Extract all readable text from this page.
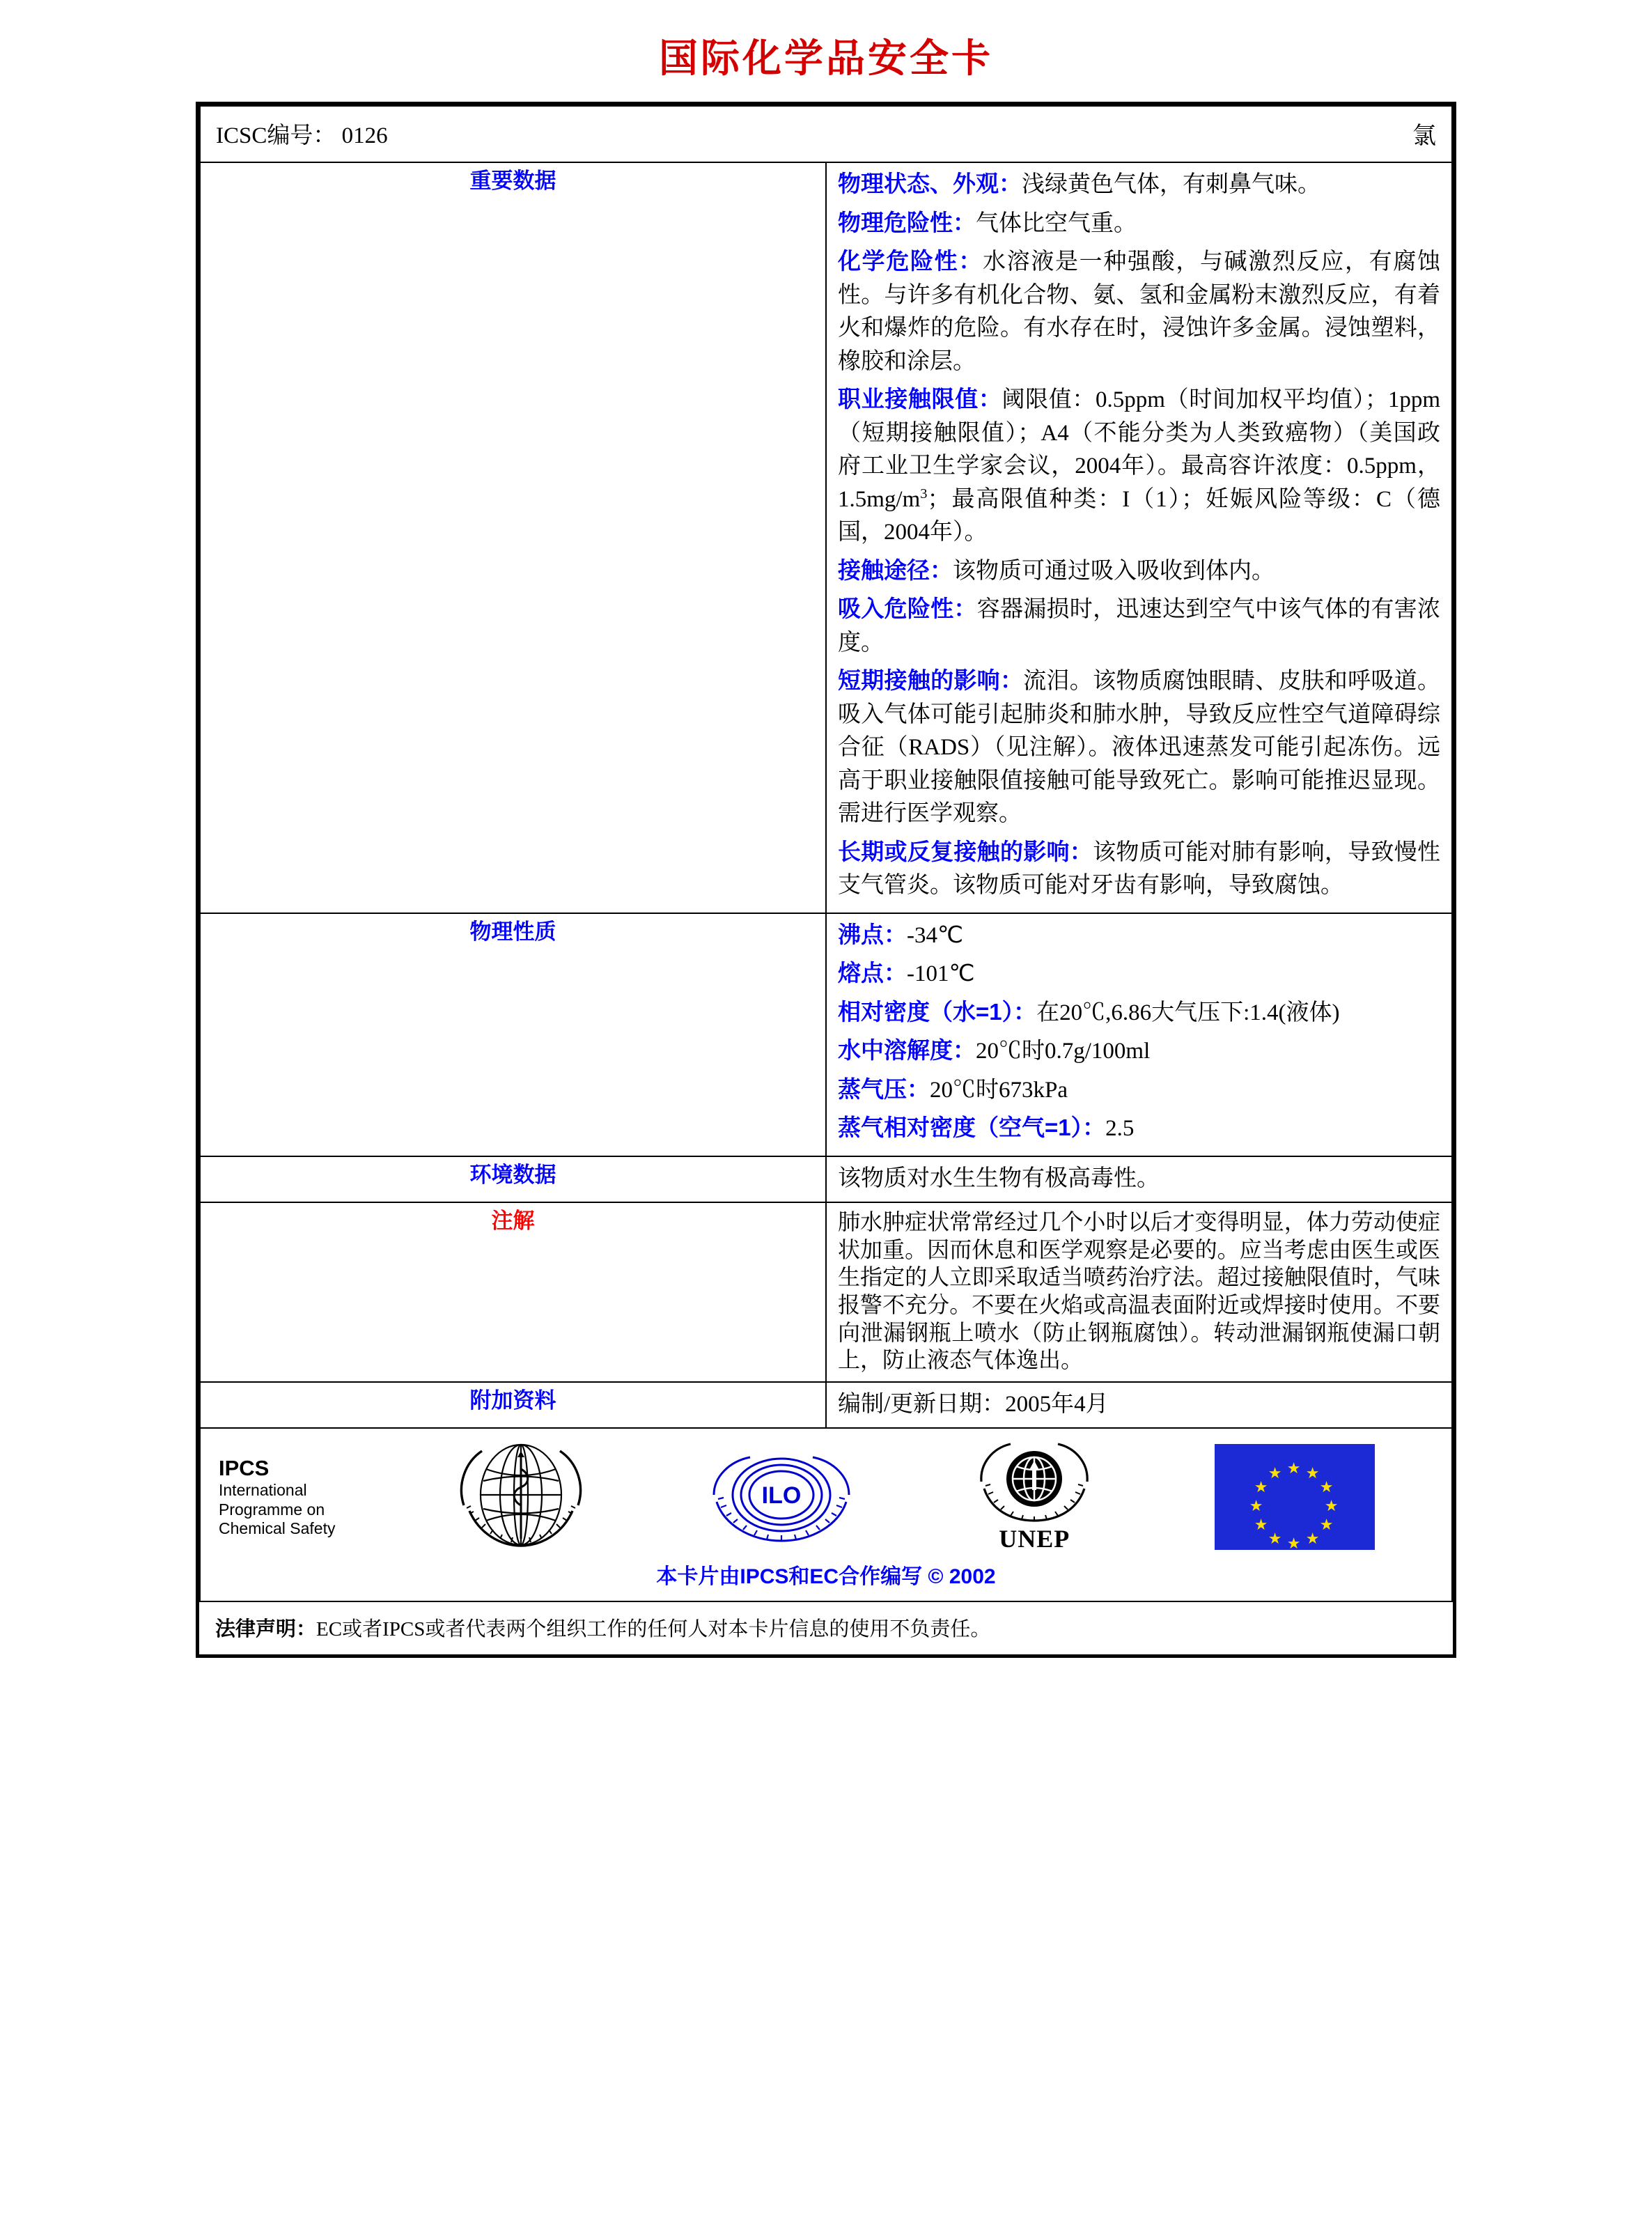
国际化学品安全卡
ICSC编号： 0126 氯	

重要数据	物理状态、外观：浅绿黄色气体，有刺鼻气味。

物理危险性：气体比空气重。

化学危险性：水溶液是一种强酸，与碱激烈反应，有腐蚀性。与许多有机化合物、氨、氢和金属粉末激烈反应，有着火和爆炸的危险。有水存在时，浸蚀许多金属。浸蚀塑料，橡胶和涂层。

职业接触限值：阈限值：0.5ppm（时间加权平均值）；1ppm（短期接触限值）；A4（不能分类为人类致癌物）（美国政府工业卫生学家会议，2004年）。最高容许浓度：0.5ppm，$1.5mg/m^3$；最高限值种类：I（1）；妊娠风险等级：C（德国，2004年）。

接触途径：该物质可通过吸入吸收到体内。

吸入危险性：容器漏损时，迅速达到空气中该气体的有害浓度。

短期接触的影响：流泪。该物质腐蚀眼睛、皮肤和呼吸道。吸入气体可能引起肺炎和肺水肿，导致反应性空气道障碍综合征（RADS）（见注解）。液体迅速蒸发可能引起冻伤。远高于职业接触限值接触可能导致死亡。影响可能推迟显现。需进行医学观察。

长期或反复接触的影响：该物质可能对肺有影响，导致慢性支气管炎。该物质可能对牙齿有影响，导致腐蚀。

物理性质	沸点：-34℃

熔点：-101℃

相对密度（水=1）：在20℃,6.86大气压下:1.4(液体)

水中溶解度：20℃时0.7g/100ml

蒸气压：20℃时673kPa

蒸气相对密度（空气=1）：2.5

环境数据	该物质对水生生物有极高毒性。

注解	肺水肿症状常常经过几个小时以后才变得明显，体力劳动使症状加重。因而休息和医学观察是必要的。应当考虑由医生或医生指定的人立即采取适当喷药治疗法。超过接触限值时，气味报警不充分。不要在火焰或高温表面附近或焊接时使用。不要向泄漏钢瓶上喷水（防止钢瓶腐蚀）。转动泄漏钢瓶使漏口朝上，防止液态气体逸出。

附加资料	编制/更新日期：2005年4月

IPCS
International
Programme on
Chemical Safety
ILO
UNEP
★ ★
★
★
★
★
★
★
★
★
★
★
本卡片由IPCS和EC合作编写 © 2002

法律声明：EC或者IPCS或者代表两个组织工作的任何人对本卡片信息的使用不负责任。	
